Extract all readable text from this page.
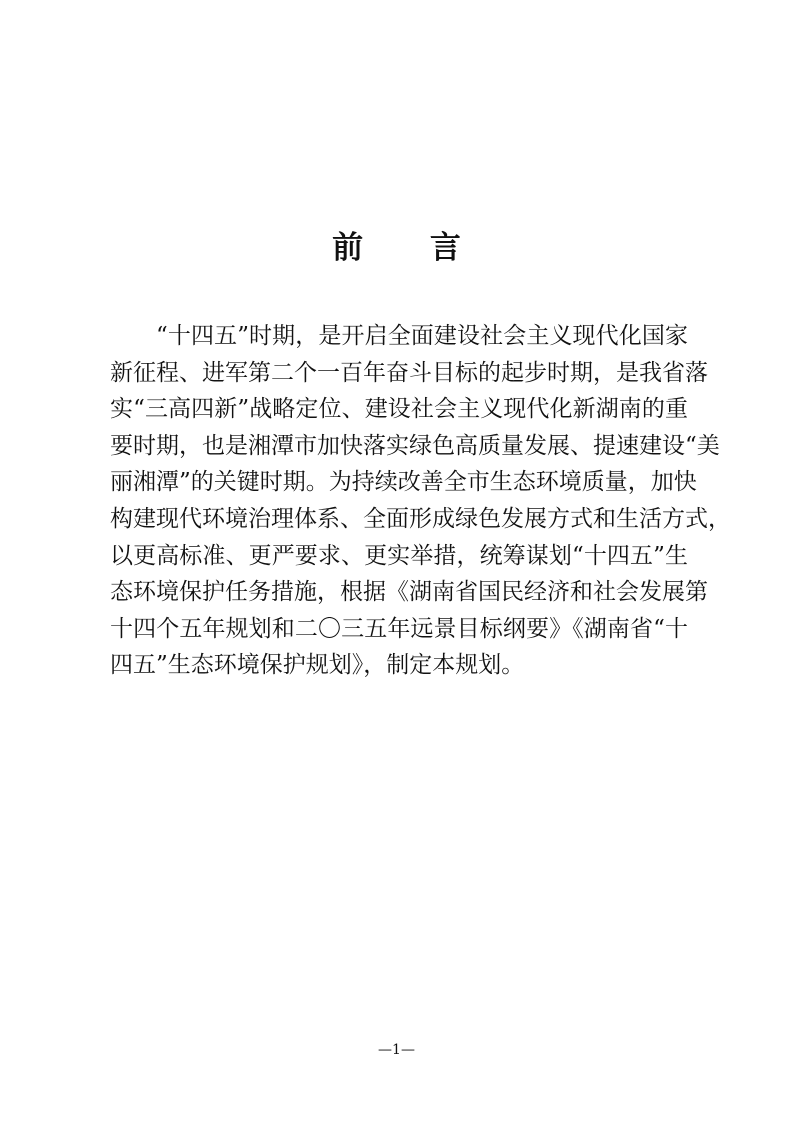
前 言
“十四五”时期，是开启全面建设社会主义现代化国家
新征程、进军第二个一百年奋斗目标的起步时期，是我省落
实“三高四新”战略定位、建设社会主义现代化新湖南的重
要时期，也是湘潭市加快落实绿色高质量发展、提速建设“美
丽湘潭”的关键时期。为持续改善全市生态环境质量，加快
构建现代环境治理体系、全面形成绿色发展方式和生活方式，
以更高标准、更严要求、更实举措，统筹谋划“十四五”生
态环境保护任务措施，根据《湖南省国民经济和社会发展第
十四个五年规划和二〇三五年远景目标纲要》《湖南省“十
四五”生态环境保护规划》，制定本规划。
—1—
